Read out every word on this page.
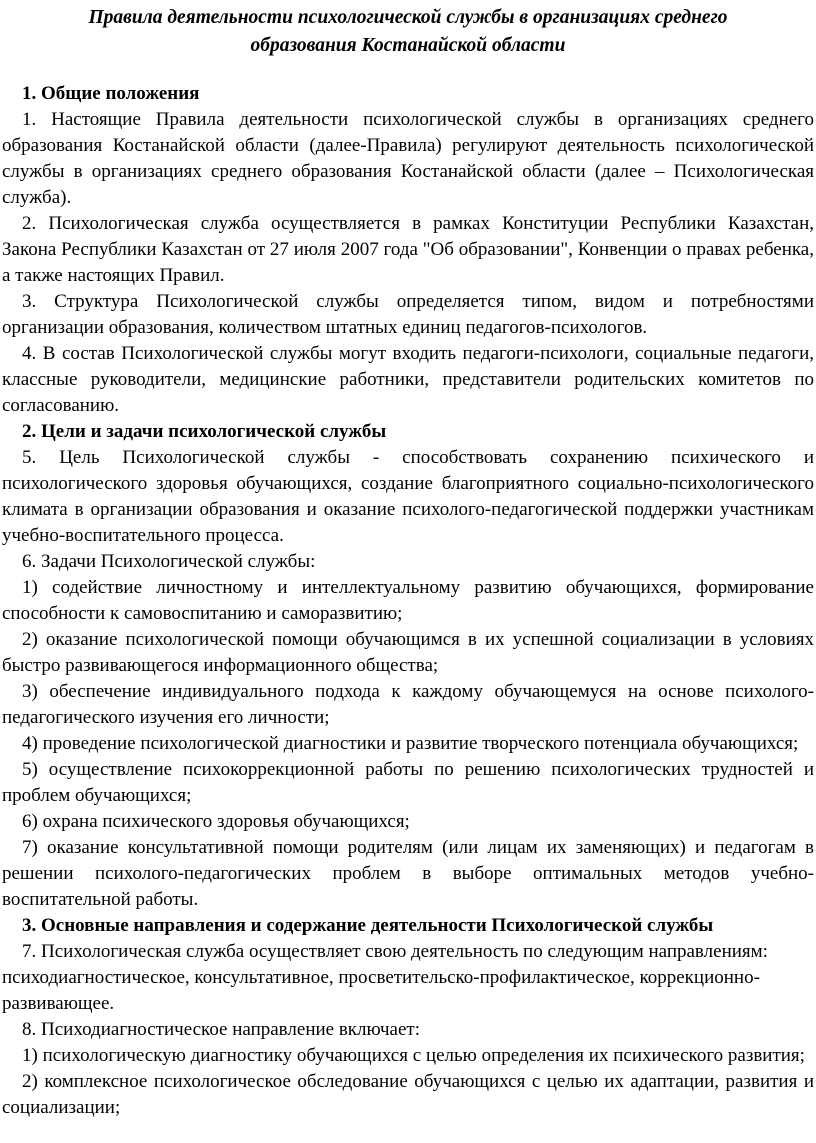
Правила деятельности психологической службы в организациях среднего
образования Костанайской области

1. Общие положения

1. Настоящие Правила деятельности психологической службы в организациях среднего образования Костанайской области (далее-Правила) регулируют деятельность психологической службы в организациях среднего образования Костанайской области (далее – Психологическая служба).

2. Психологическая служба осуществляется в рамках Конституции Республики Казахстан, Закона Республики Казахстан от 27 июля 2007 года "Об образовании", Конвенции о правах ребенка, а также настоящих Правил.

3. Структура Психологической службы определяется типом, видом и потребностями организации образования, количеством штатных единиц педагогов-психологов.

4. В состав Психологической службы могут входить педагоги-психологи, социальные педагоги, классные руководители, медицинские работники, представители родительских комитетов по согласованию.

2. Цели и задачи психологической службы

5. Цель Психологической службы - способствовать сохранению психического и психологического здоровья обучающихся, создание благоприятного социально-психологического климата в организации образования и оказание психолого-педагогической поддержки участникам учебно-воспитательного процесса.

6. Задачи Психологической службы:

1) содействие личностному и интеллектуальному развитию обучающихся, формирование способности к самовоспитанию и саморазвитию;

2) оказание психологической помощи обучающимся в их успешной социализации в условиях быстро развивающегося информационного общества;

3) обеспечение индивидуального подхода к каждому обучающемуся на основе психолого-педагогического изучения его личности;

4) проведение психологической диагностики и развитие творческого потенциала обучающихся;

5) осуществление психокоррекционной работы по решению психологических трудностей и проблем обучающихся;

6) охрана психического здоровья обучающихся;

7) оказание консультативной помощи родителям (или лицам их заменяющих) и педагогам в решении психолого-педагогических проблем в выборе оптимальных методов учебно-воспитательной работы.

3. Основные направления и содержание деятельности Психологической службы

7. Психологическая служба осуществляет свою деятельность по следующим направлениям: психодиагностическое, консультативное, просветительско-профилактическое, коррекционно-развивающее.

8. Психодиагностическое направление включает:

1) психологическую диагностику обучающихся с целью определения их психического развития;

2) комплексное психологическое обследование обучающихся с целью их адаптации, развития и социализации;
